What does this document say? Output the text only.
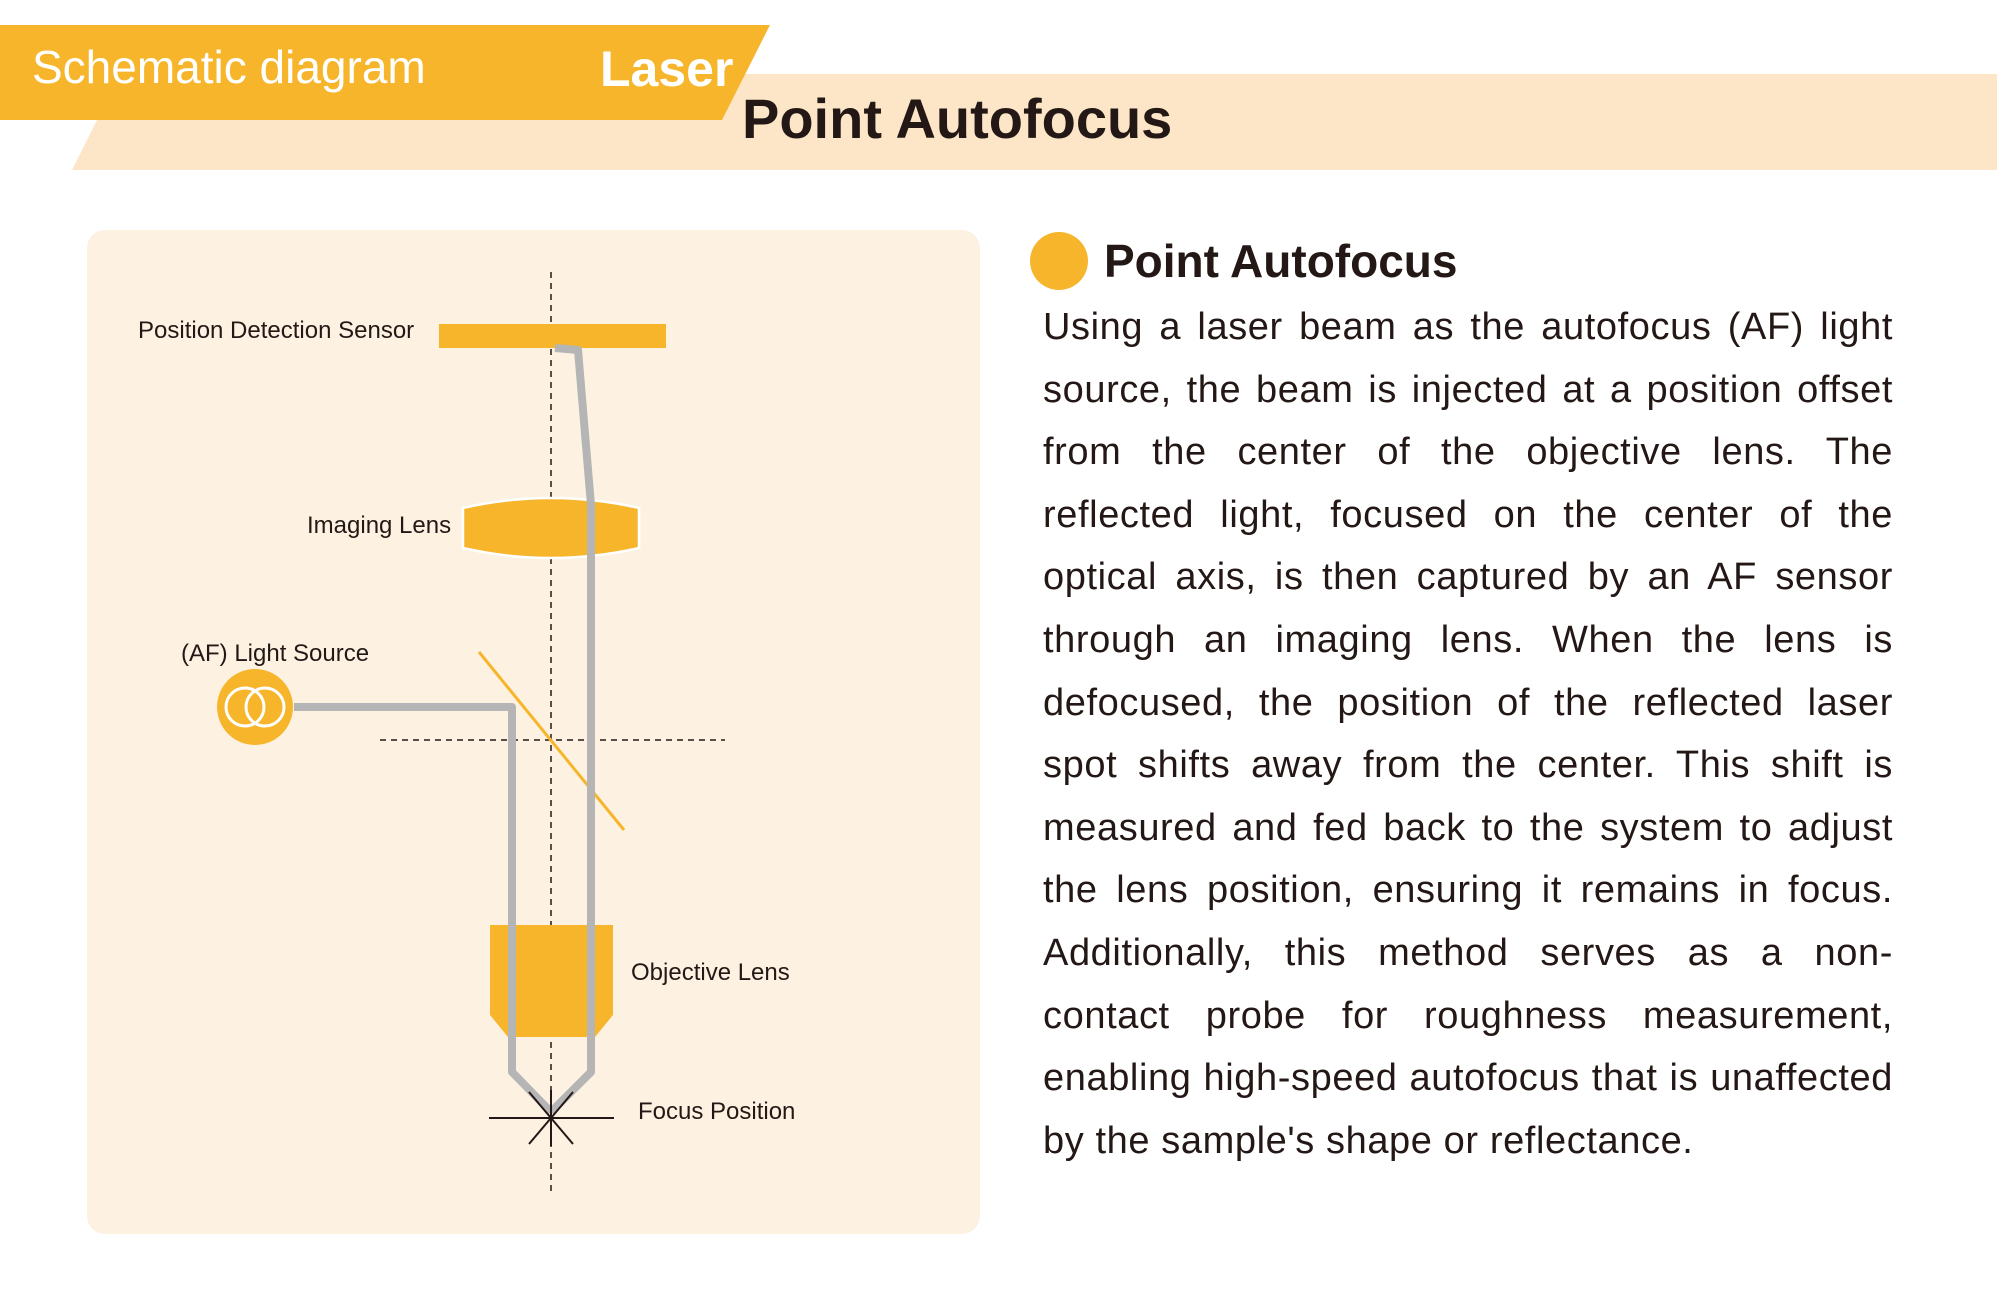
Schematic diagram	Laser
Point Autofocus
Position Detection Sensor
Imaging Lens
(AF) Light Source
Objective Lens
Focus Position
Point Autofocus
Using a laser beam as the autofocus (AF) light source, the beam is injected at a position offset from the center of the objective lens. The reflected light, focused on the center of the optical axis, is then captured by an AF sensor through an imaging lens. When the lens is defocused, the position of the reflected laser spot shifts away from the center. This shift is measured and fed back to the system to adjust the lens position, ensuring it remains in focus. Additionally, this method serves as a non-contact probe for roughness measurement, enabling high-speed autofocus that is unaffected by the sample's shape or reflectance.
